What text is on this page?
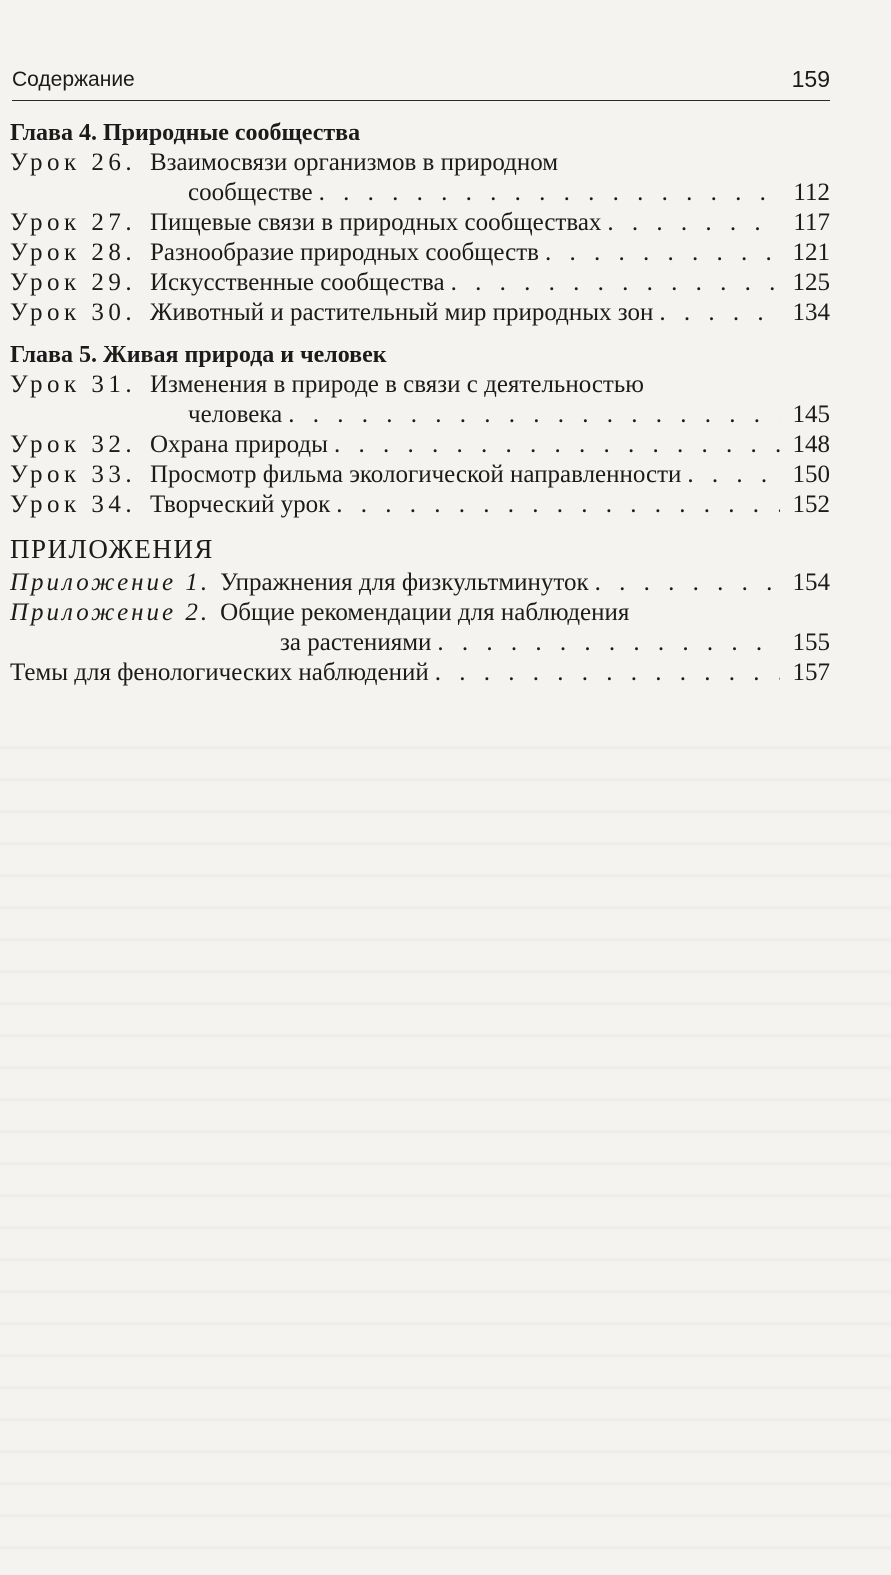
Содержание	159
Глава 4. Природные сообщества
Урок 26. Взаимосвязи организмов в природном
сообществе . . .	112
Урок 27. Пищевые связи в природных сообществах . . .	117
Урок 28. Разнообразие природных сообществ . . .	121
Урок 29. Искусственные сообщества . . .	125
Урок 30. Животный и растительный мир природных зон . . .	134
Глава 5. Живая природа и человек
Урок 31. Изменения в природе в связи с деятельностью
человека . . .	145
Урок 32. Охрана природы . . .	148
Урок 33. Просмотр фильма экологической направленности . . .	150
Урок 34. Творческий урок . . .	152
ПРИЛОЖЕНИЯ
Приложение 1. Упражнения для физкультминуток . . .	154
Приложение 2. Общие рекомендации для наблюдения
за растениями . . .	155
Темы для фенологических наблюдений . . .	157
